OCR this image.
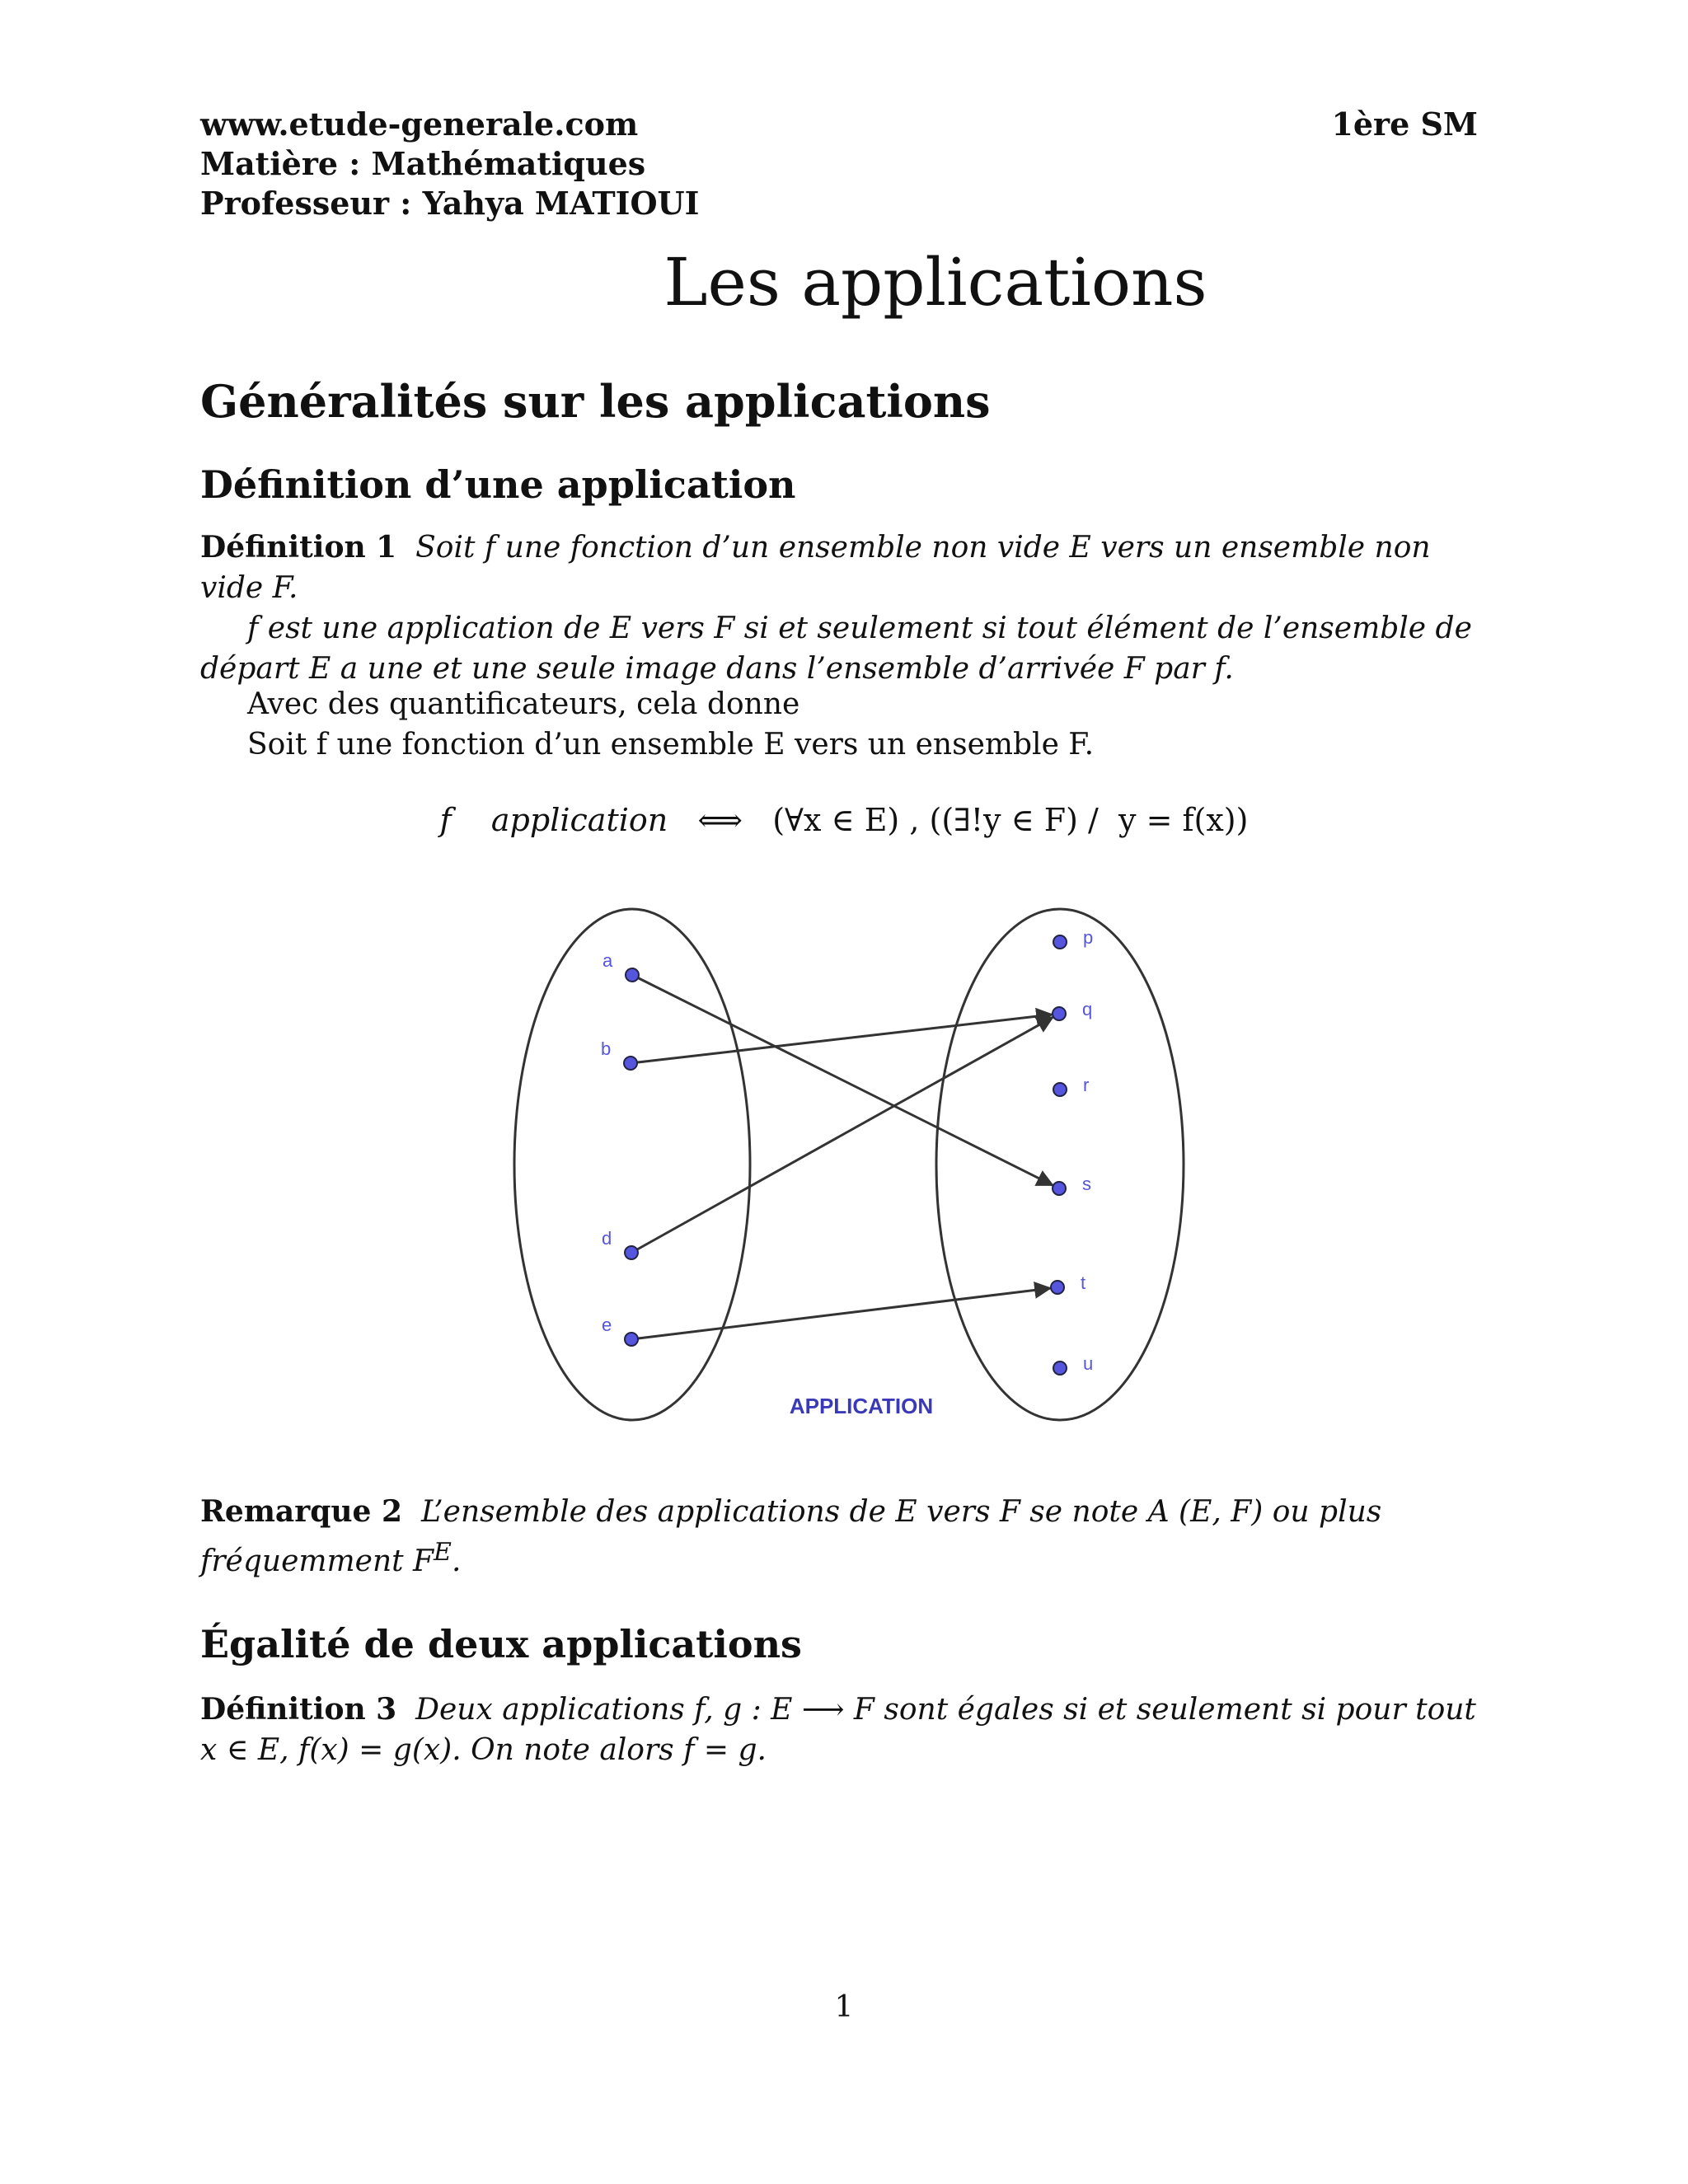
www.etude-generale.com
Matière : Mathématiques
Professeur : Yahya MATIOUI
1ère SM
Les applications
Généralités sur les applications
Définition d’une application
Définition 1 Soit f une fonction d’un ensemble non vide E vers un ensemble non vide F.
f est une application de E vers F si et seulement si tout élément de l’ensemble de départ E a une et une seule image dans l’ensemble d’arrivée F par f.
Avec des quantificateurs, cela donne
Soit f une fonction d’un ensemble E vers un ensemble F.
f    application ⟺ (∀x ∈ E) , ((∃!y ∈ F) /  y = f(x))
a
b
d
e
p
q
r
s
t
u
APPLICATION
Remarque 2 L’ensemble des applications de E vers F se note A (E, F) ou plus fréquemment $F^E$.
Égalité de deux applications
Définition 3 Deux applications f, g : E ⟶ F sont égales si et seulement si pour tout x ∈ E, f(x) = g(x). On note alors f = g.
1
